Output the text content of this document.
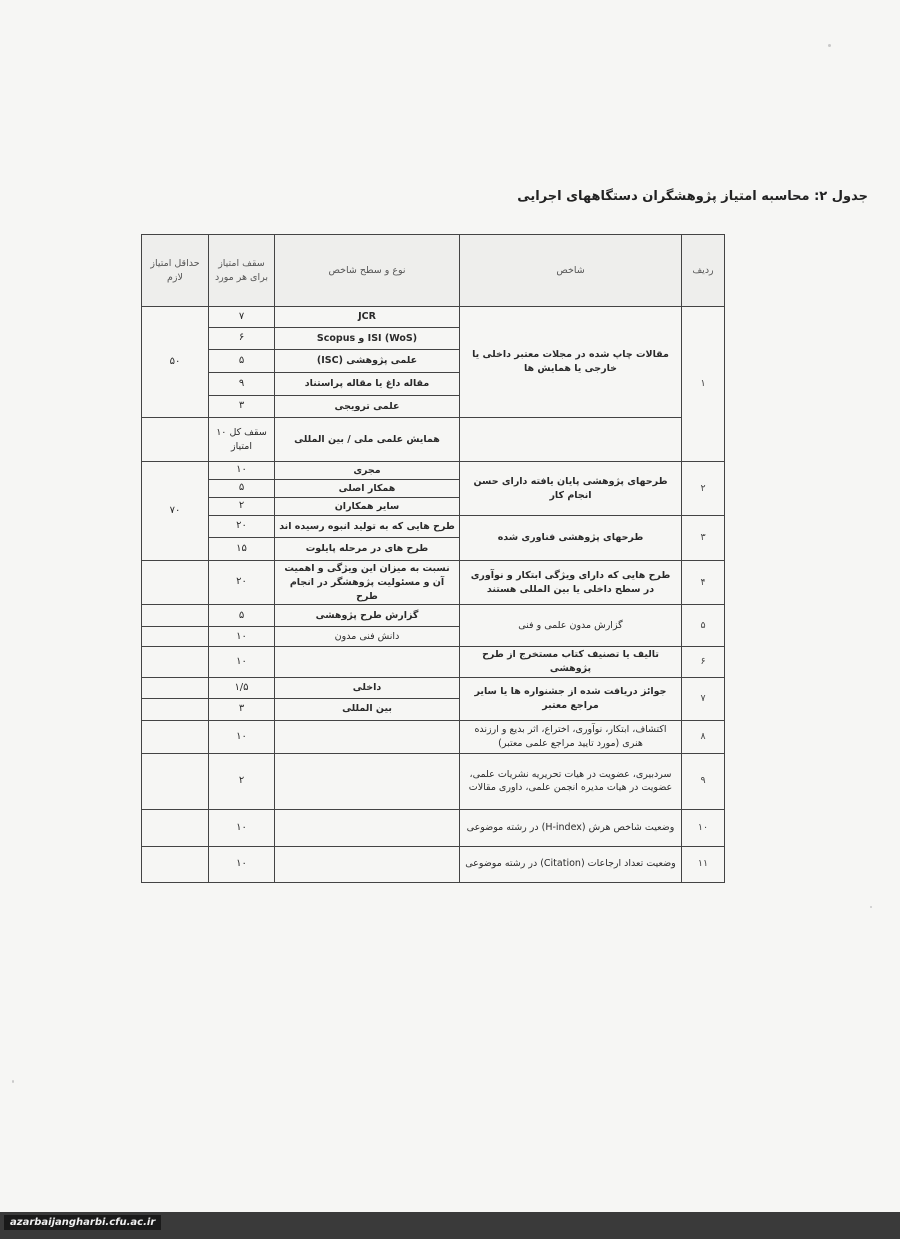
جدول ۲: محاسبه امتیاز پژوهشگران دستگاههای اجرایی
ردیف	شاخص	نوع و سطح شاخص	سقف امتیاز برای هر مورد	حداقل امتیاز لازم
۱	مقالات چاپ شده در مجلات معتبر داخلی یا خارجی یا همایش ها	JCR	۷	۵۰
		ISI (WoS) و Scopus	۶	
		علمی پژوهشی (ISC)	۵	
		مقاله داغ یا مقاله پراستناد	۹	
		علمی ترویجی	۳	
		همایش علمی ملی / بین المللی	سقف کل ۱۰ امتیاز	
۲	طرحهای پژوهشی پایان یافته دارای حسن انجام کار	مجری	۱۰	۷۰
		همکار اصلی	۵	
		سایر همکاران	۲	
۳	طرحهای پژوهشی فناوری شده	طرح هایی که به تولید انبوه رسیده اند	۲۰	
		طرح های در مرحله پایلوت	۱۵	
۴	طرح هایی که دارای ویژگی ابتکار و نوآوری در سطح داخلی یا بین المللی هستند	نسبت به میزان این ویژگی و اهمیت آن و مسئولیت پژوهشگر در انجام طرح	۲۰	
۵	گزارش مدون علمی و فنی	گزارش طرح پژوهشی	۵	
		دانش فنی مدون	۱۰	
۶	تالیف یا تصنیف کتاب مستخرج از طرح پژوهشی		۱۰	
۷	جوائز دریافت شده از جشنواره ها یا سایر مراجع معتبر	داخلی	۱/۵	
		بین المللی	۳	
۸	اکتشاف، ابتکار، نوآوری، اختراع، اثر بدیع و ارزنده هنری (مورد تایید مراجع علمی معتبر)		۱۰	
۹	سردبیری، عضویت در هیات تحریریه نشریات علمی، عضویت در هیات مدیره انجمن علمی، داوری مقالات		۲	
۱۰	وضعیت شاخص هرش (H-index) در رشته موضوعی		۱۰	
۱۱	وضعیت تعداد ارجاعات (Citation) در رشته موضوعی		۱۰	
azarbaijangharbi.cfu.ac.ir
